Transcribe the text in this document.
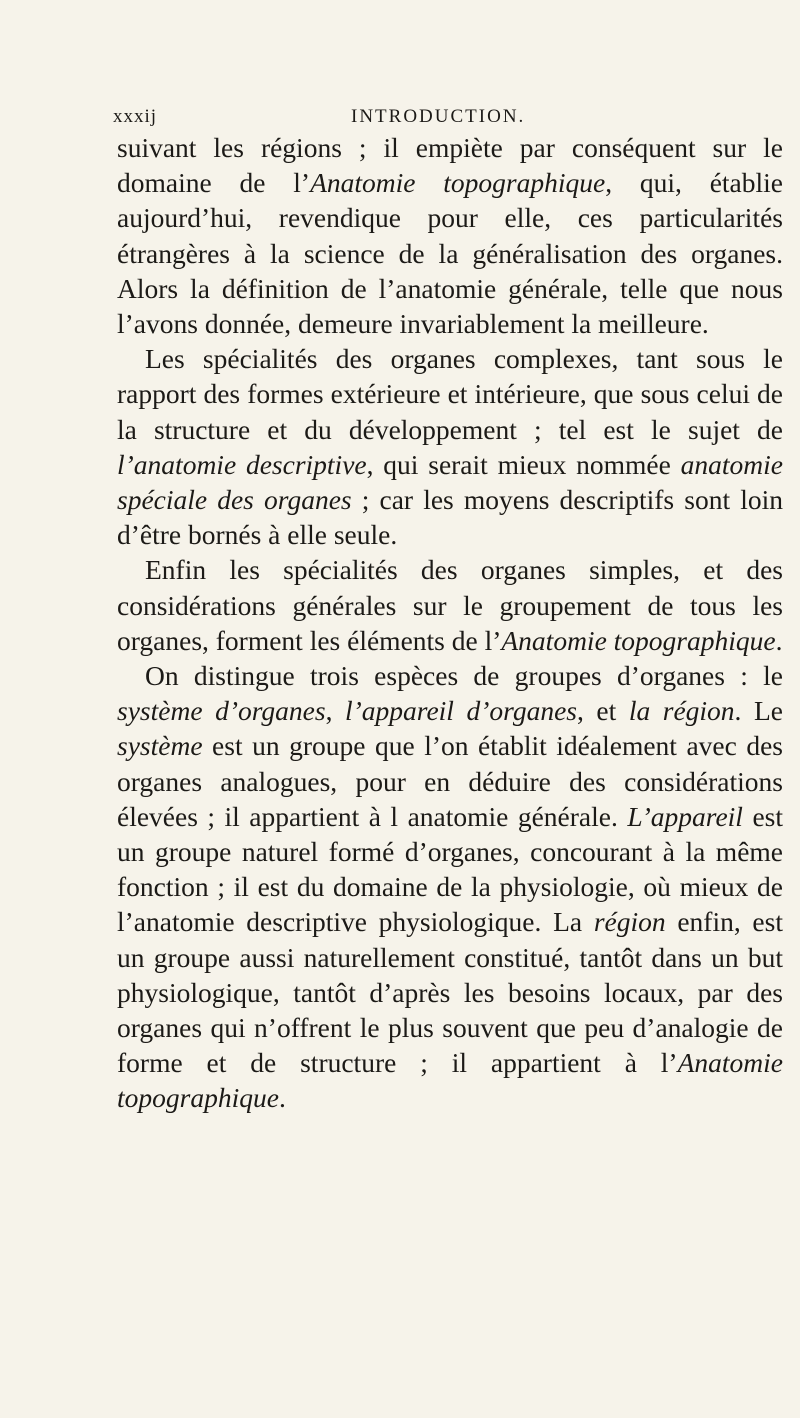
xxxij	INTRODUCTION.

suivant les régions ; il empiète par conséquent sur le domaine de l’Anatomie topographique, qui, établie aujourd’hui, revendique pour elle, ces particularités étrangères à la science de la généralisation des organes. Alors la définition de l’anatomie générale, telle que nous l’avons donnée, demeure invariablement la meilleure.

Les spécialités des organes complexes, tant sous le rapport des formes extérieure et intérieure, que sous celui de la structure et du développement ; tel est le sujet de l’anatomie descriptive, qui serait mieux nommée anatomie spéciale des organes ; car les moyens descriptifs sont loin d’être bornés à elle seule.

Enfin les spécialités des organes simples, et des considérations générales sur le groupement de tous les organes, forment les éléments de l’Anatomie topographique.

On distingue trois espèces de groupes d’organes : le système d’organes, l’appareil d’organes, et la région. Le système est un groupe que l’on établit idéalement avec des organes analogues, pour en déduire des considérations élevées ; il appartient à l anatomie générale. L’appareil est un groupe naturel formé d’organes, concourant à la même fonction ; il est du domaine de la physiologie, où mieux de l’anatomie descriptive physiologique. La région enfin, est un groupe aussi naturellement constitué, tantôt dans un but physiologique, tantôt d’après les besoins locaux, par des organes qui n’offrent le plus souvent que peu d’analogie de forme et de structure ; il appartient à l’Anatomie topographique.
